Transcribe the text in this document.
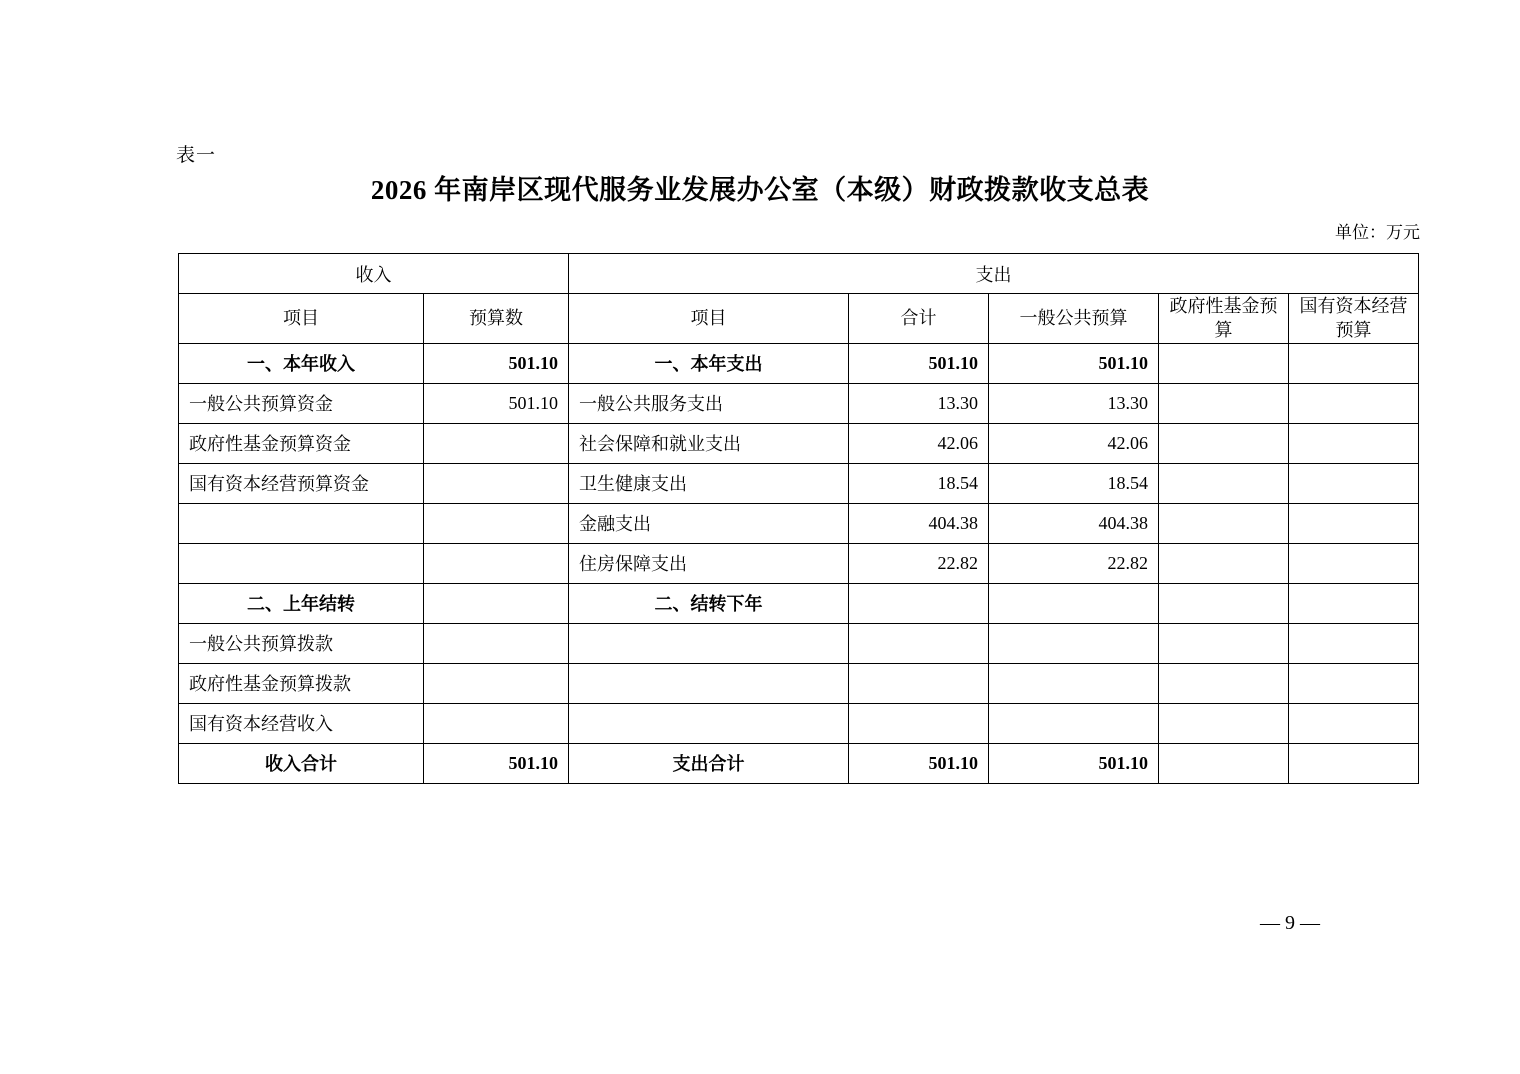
表一
2026 年南岸区现代服务业发展办公室（本级）财政拨款收支总表
单位：万元
收入		支出				
项目	预算数	项目	合计	一般公共预算	政府性基金预算	国有资本经营预算
一、本年收入	501.10	一、本年支出	501.10	501.10		
一般公共预算资金	501.10	一般公共服务支出	13.30	13.30		
政府性基金预算资金		社会保障和就业支出	42.06	42.06		
国有资本经营预算资金		卫生健康支出	18.54	18.54		
		金融支出	404.38	404.38		
		住房保障支出	22.82	22.82		
二、上年结转		二、结转下年				
一般公共预算拨款						
政府性基金预算拨款						
国有资本经营收入						
收入合计	501.10	支出合计	501.10	501.10		
— 9 —
